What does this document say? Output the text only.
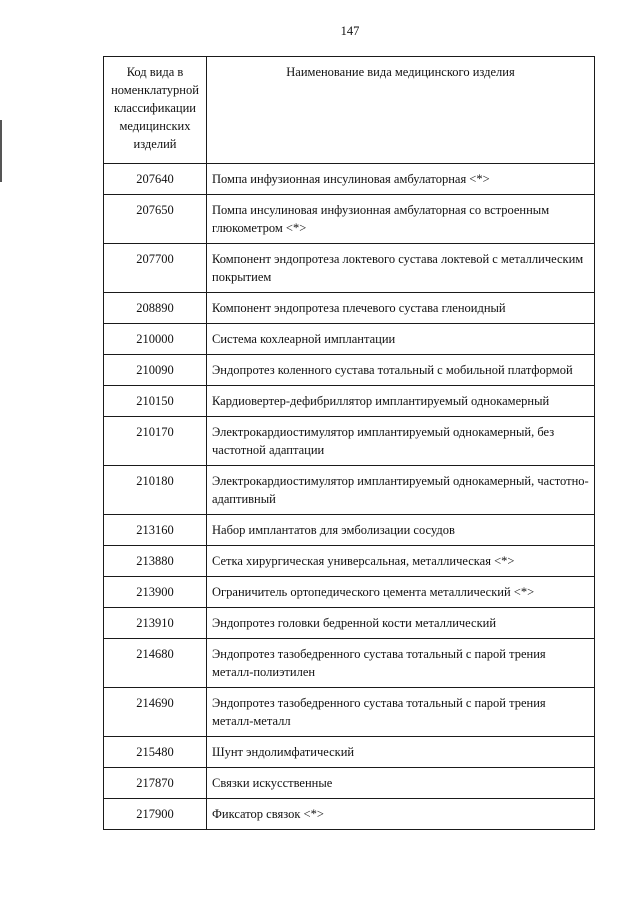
147
Код вида в номенклатурной классификации медицинских изделий	Наименование вида медицинского изделия
207640	Помпа инфузионная инсулиновая амбулаторная <*>
207650	Помпа инсулиновая инфузионная амбулаторная со встроенным глюкометром <*>
207700	Компонент эндопротеза локтевого сустава локтевой с металлическим покрытием
208890	Компонент эндопротеза плечевого сустава гленоидный
210000	Система кохлеарной имплантации
210090	Эндопротез коленного сустава тотальный с мобильной платформой
210150	Кардиовертер-дефибриллятор имплантируемый однокамерный
210170	Электрокардиостимулятор имплантируемый однокамерный, без частотной адаптации
210180	Электрокардиостимулятор имплантируемый однокамерный, частотно-адаптивный
213160	Набор имплантатов для эмболизации сосудов
213880	Сетка хирургическая универсальная, металлическая <*>
213900	Ограничитель ортопедического цемента металлический <*>
213910	Эндопротез головки бедренной кости металлический
214680	Эндопротез тазобедренного сустава тотальный с парой трения металл-полиэтилен
214690	Эндопротез тазобедренного сустава тотальный с парой трения металл-металл
215480	Шунт эндолимфатический
217870	Связки искусственные
217900	Фиксатор связок <*>
